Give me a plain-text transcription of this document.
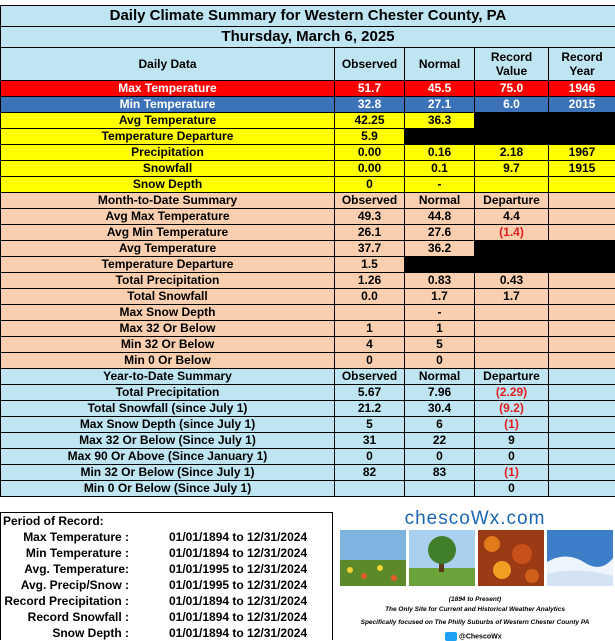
Daily Climate Summary for Western Chester County, PA				
Thursday, March 6, 2025				
Daily Data	Observed	Normal	Record Value	Record Year
Max Temperature	51.7	45.5	75.0	1946
Min Temperature	32.8	27.1	6.0	2015
Avg Temperature	42.25	36.3		
Temperature Departure	5.9			
Precipitation	0.00	0.16	2.18	1967
Snowfall	0.00	0.1	9.7	1915
Snow Depth	0	-		
Month-to-Date Summary	Observed	Normal	Departure	
Avg Max Temperature	49.3	44.8	4.4	
Avg Min Temperature	26.1	27.6	(1.4)	
Avg Temperature	37.7	36.2		
Temperature Departure	1.5			
Total Precipitation	1.26	0.83	0.43	
Total Snowfall	0.0	1.7	1.7	
Max Snow Depth		-		
Max 32 Or Below	1	1		
Min 32 Or Below	4	5		
Min 0 Or Below	0	0		
Year-to-Date Summary	Observed	Normal	Departure	
Total Precipitation	5.67	7.96	(2.29)	
Total Snowfall (since July 1)	21.2	30.4	(9.2)	
Max Snow Depth (since July 1)	5	6	(1)	
Max 32 Or Below (Since July 1)	31	22	9	
Max 90 Or Above (Since January 1)	0	0	0	
Min 32 Or Below (Since July 1)	82	83	(1)	
Min 0 Or Below (Since July 1)			0	
Period of Record:
Max Temperature :	01/01/1894 to 12/31/2024
Min Temperature :	01/01/1894 to 12/31/2024
Avg. Temperature:	01/01/1995 to 12/31/2024
Avg. Precip/Snow :	01/01/1995 to 12/31/2024
Record Precipitation :	01/01/1894 to 12/31/2024
Record Snowfall :	01/01/1894 to 12/31/2024
Snow Depth :	01/01/1894 to 12/31/2024
chescoWx.com
(1894 to Present)
The Only Site for Current and Historical Weather Analytics
Specifically focused on The Philly Suburbs of Western Chester County PA
@ChescoWx
